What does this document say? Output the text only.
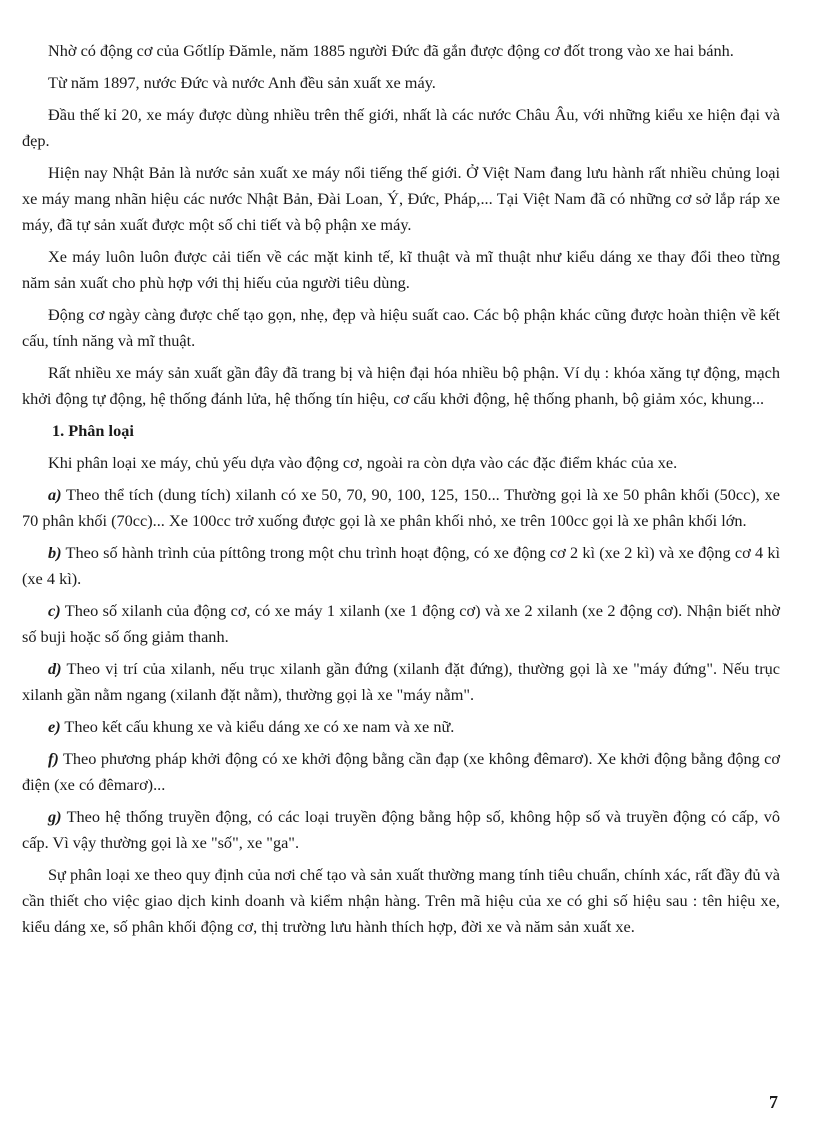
Nhờ có động cơ của Gốtlíp Đămle, năm 1885 người Đức đã gắn được động cơ đốt trong vào xe hai bánh.

Từ năm 1897, nước Đức và nước Anh đều sản xuất xe máy.

Đầu thế kỉ 20, xe máy được dùng nhiều trên thế giới, nhất là các nước Châu Âu, với những kiểu xe hiện đại và đẹp.

Hiện nay Nhật Bản là nước sản xuất xe máy nổi tiếng thế giới. Ở Việt Nam đang lưu hành rất nhiều chủng loại xe máy mang nhãn hiệu các nước Nhật Bản, Đài Loan, Ý, Đức, Pháp,... Tại Việt Nam đã có những cơ sở lắp ráp xe máy, đã tự sản xuất được một số chi tiết và bộ phận xe máy.

Xe máy luôn luôn được cải tiến về các mặt kinh tế, kĩ thuật và mĩ thuật như kiểu dáng xe thay đổi theo từng năm sản xuất cho phù hợp với thị hiếu của người tiêu dùng.

Động cơ ngày càng được chế tạo gọn, nhẹ, đẹp và hiệu suất cao. Các bộ phận khác cũng được hoàn thiện về kết cấu, tính năng và mĩ thuật.

Rất nhiều xe máy sản xuất gần đây đã trang bị và hiện đại hóa nhiều bộ phận. Ví dụ : khóa xăng tự động, mạch khởi động tự động, hệ thống đánh lửa, hệ thống tín hiệu, cơ cấu khởi động, hệ thống phanh, bộ giảm xóc, khung...

1. Phân loại

Khi phân loại xe máy, chủ yếu dựa vào động cơ, ngoài ra còn dựa vào các đặc điểm khác của xe.

a) Theo thể tích (dung tích) xilanh có xe 50, 70, 90, 100, 125, 150... Thường gọi là xe 50 phân khối (50cc), xe 70 phân khối (70cc)... Xe 100cc trở xuống được gọi là xe phân khối nhỏ, xe trên 100cc gọi là xe phân khối lớn.

b) Theo số hành trình của píttông trong một chu trình hoạt động, có xe động cơ 2 kì (xe 2 kì) và xe động cơ 4 kì (xe 4 kì).

c) Theo số xilanh của động cơ, có xe máy 1 xilanh (xe 1 động cơ) và xe 2 xilanh (xe 2 động cơ). Nhận biết nhờ số buji hoặc số ống giảm thanh.

d) Theo vị trí của xilanh, nếu trục xilanh gần đứng (xilanh đặt đứng), thường gọi là xe "máy đứng". Nếu trục xilanh gần nằm ngang (xilanh đặt nằm), thường gọi là xe "máy nằm".

e) Theo kết cấu khung xe và kiểu dáng xe có xe nam và xe nữ.

f) Theo phương pháp khởi động có xe khởi động bằng cần đạp (xe không đêmarơ). Xe khởi động bằng động cơ điện (xe có đêmarơ)...

g) Theo hệ thống truyền động, có các loại truyền động bằng hộp số, không hộp số và truyền động có cấp, vô cấp. Vì vậy thường gọi là xe "số", xe "ga".

Sự phân loại xe theo quy định của nơi chế tạo và sản xuất thường mang tính tiêu chuẩn, chính xác, rất đầy đủ và cần thiết cho việc giao dịch kinh doanh và kiểm nhận hàng. Trên mã hiệu của xe có ghi số hiệu sau : tên hiệu xe, kiểu dáng xe, số phân khối động cơ, thị trường lưu hành thích hợp, đời xe và năm sản xuất xe.

7
